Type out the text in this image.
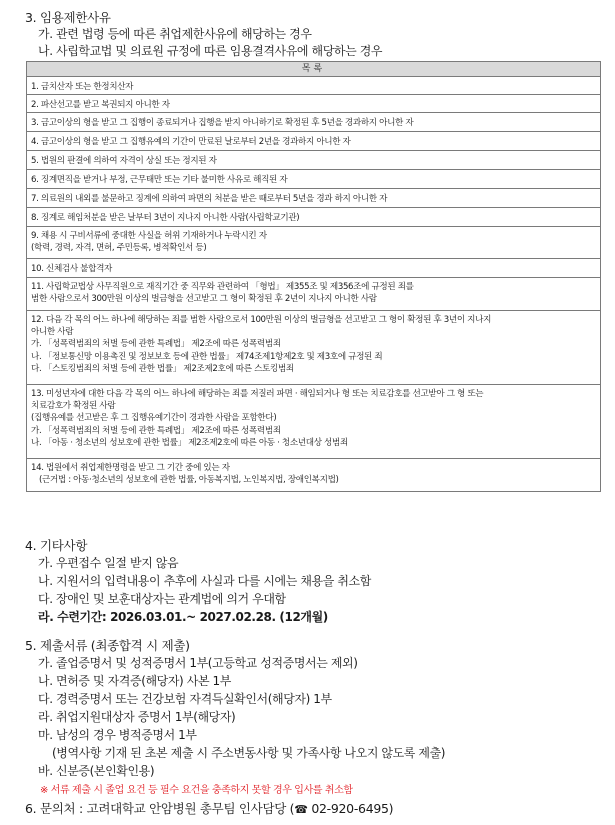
3. 임용제한사유
가. 관련 법령 등에 따른 취업제한사유에 해당하는 경우
나. 사립학교법 및 의료원 규정에 따른 임용결격사유에 해당하는 경우
목록
1. 금치산자 또는 한정치산자
2. 파산선고를 받고 복권되지 아니한 자
3. 금고이상의 형을 받고 그 집행이 종료되거나 집행을 받지 아니하기로 확정된 후 5년을 경과하지 아니한 자
4. 금고이상의 형을 받고 그 집행유예의 기간이 만료된 날로부터 2년을 경과하지 아니한 자
5. 법원의 판결에 의하여 자격이 상실 또는 정지된 자
6. 징계면직을 받거나 부정, 근무태만 또는 기타 불미한 사유로 해직된 자
7. 의료원의 내외를 불문하고 징계에 의하여 파면의 처분을 받은 때로부터 5년을 경과 하지 아니한 자
8. 징계로 해임처분을 받은 날부터 3년이 지나지 아니한 사람(사립학교기관)
9. 채용 시 구비서류에 중대한 사실을 허위 기재하거나 누락시킨 자
(학력, 경력, 자격, 면허, 주민등록, 병적확인서 등)
10. 신체검사 불합격자
11. 사립학교법상 사무직원으로 재직기간 중 직무와 관련하여 「형법」 제355조 및 제356조에 규정된 죄를
범한 사람으로서 300만원 이상의 벌금형을 선고받고 그 형이 확정된 후 2년이 지나지 아니한 사람
12. 다음 각 목의 어느 하나에 해당하는 죄를 범한 사람으로서 100만원 이상의 벌금형을 선고받고 그 형이 확정된 후 3년이 지나지
아니한 사람
가. 「성폭력범죄의 처벌 등에 관한 특례법」 제2조에 따른 성폭력범죄
나. 「정보통신망 이용촉진 및 정보보호 등에 관한 법률」 제74조제1항제2호 및 제3호에 규정된 죄
다. 「스토킹범죄의 처벌 등에 관한 법률」 제2조제2호에 따른 스토킹범죄
13. 미성년자에 대한 다음 각 목의 어느 하나에 해당하는 죄를 저질러 파면 · 해임되거나 형 또는 치료감호를 선고받아 그 형 또는
치료감호가 확정된 사람
(집행유예를 선고받은 후 그 집행유예기간이 경과한 사람을 포함한다)
가. 「성폭력범죄의 처벌 등에 관한 특례법」 제2조에 따른 성폭력범죄
나. 「아동 · 청소년의 성보호에 관한 법률」 제2조제2호에 따른 아동 · 청소년대상 성범죄
14. 법원에서 취업제한명령을 받고 그 기간 중에 있는 자
(근거법 : 아동·청소년의 성보호에 관한 법률, 아동복지법, 노인복지법, 장애인복지법)
4. 기타사항
가. 우편접수 일절 받지 않음
나. 지원서의 입력내용이 추후에 사실과 다를 시에는 채용을 취소함
다. 장애인 및 보훈대상자는 관계법에 의거 우대함
라. 수련기간: 2026.03.01.~ 2027.02.28. (12개월)
5. 제출서류 (최종합격 시 제출)
가. 졸업증명서 및 성적증명서 1부(고등학교 성적증명서는 제외)
나. 면허증 및 자격증(해당자) 사본 1부
다. 경력증명서 또는 건강보험 자격득실확인서(해당자) 1부
라. 취업지원대상자 증명서 1부(해당자)
마. 남성의 경우 병적증명서 1부
(병역사항 기재 된 초본 제출 시 주소변동사항 및 가족사항 나오지 않도록 제출)
바. 신분증(본인확인용)
※ 서류 제출 시 졸업 요건 등 필수 요건을 충족하지 못할 경우 입사를 취소함
6. 문의처 : 고려대학교 안암병원 총무팀 인사담당 (☎ 02-920-6495)
